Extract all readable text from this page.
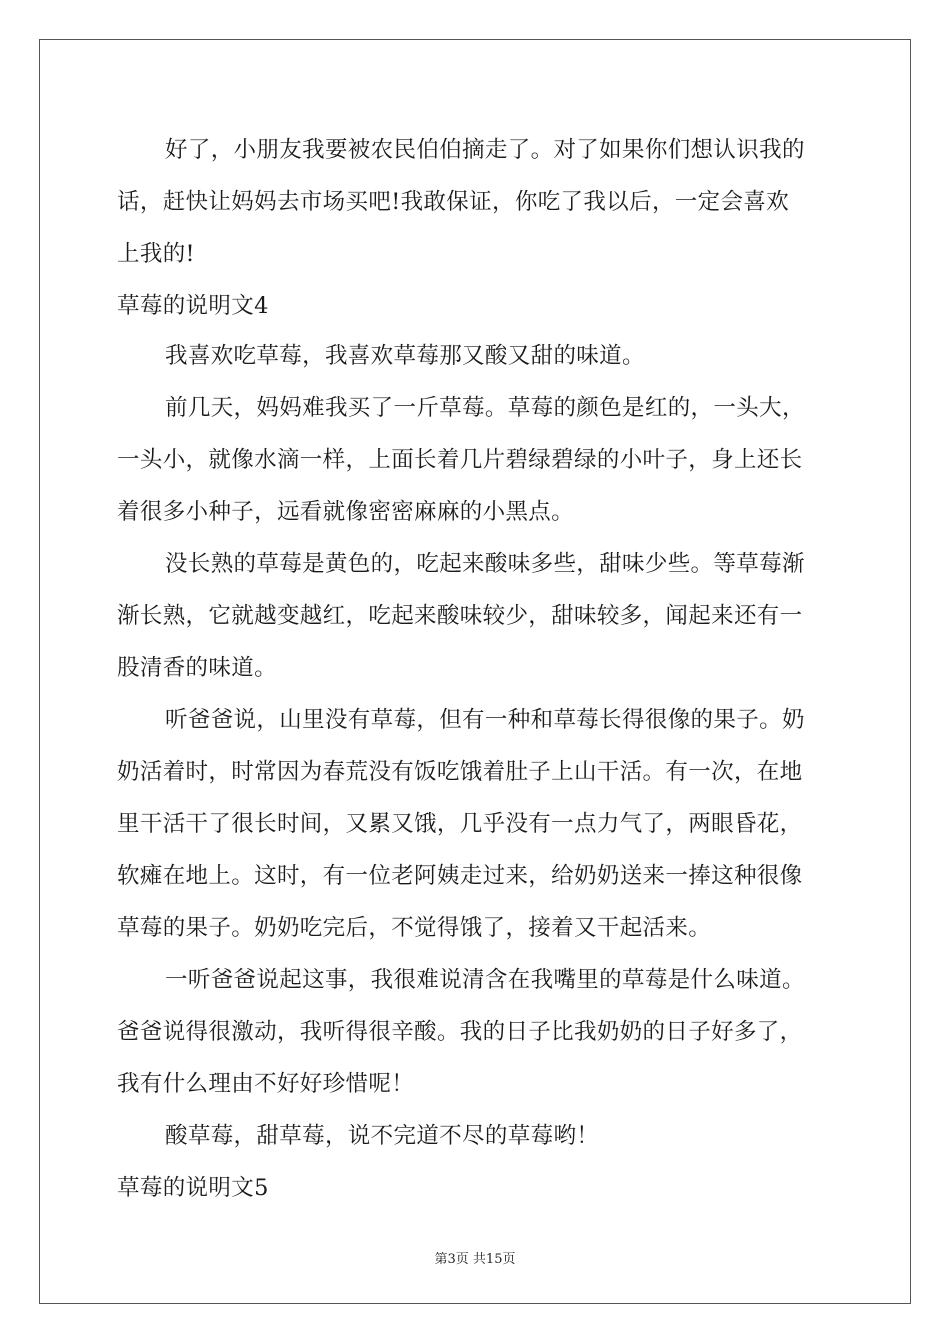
好了，小朋友我要被农民伯伯摘走了。对了如果你们想认识我的
话，赶快让妈妈去市场买吧!我敢保证，你吃了我以后，一定会喜欢
上我的!
草莓的说明文4
我喜欢吃草莓，我喜欢草莓那又酸又甜的味道。
前几天，妈妈难我买了一斤草莓。草莓的颜色是红的，一头大，
一头小，就像水滴一样，上面长着几片碧绿碧绿的小叶子，身上还长
着很多小种子，远看就像密密麻麻的小黑点。
没长熟的草莓是黄色的，吃起来酸味多些，甜味少些。等草莓渐
渐长熟，它就越变越红，吃起来酸味较少，甜味较多，闻起来还有一
股清香的味道。
听爸爸说，山里没有草莓，但有一种和草莓长得很像的果子。奶
奶活着时，时常因为春荒没有饭吃饿着肚子上山干活。有一次，在地
里干活干了很长时间，又累又饿，几乎没有一点力气了，两眼昏花，
软瘫在地上。这时，有一位老阿姨走过来，给奶奶送来一捧这种很像
草莓的果子。奶奶吃完后，不觉得饿了，接着又干起活来。
一听爸爸说起这事，我很难说清含在我嘴里的草莓是什么味道。
爸爸说得很激动，我听得很辛酸。我的日子比我奶奶的日子好多了，
我有什么理由不好好珍惜呢！
酸草莓，甜草莓，说不完道不尽的草莓哟！
草莓的说明文5
第3页 共15页
